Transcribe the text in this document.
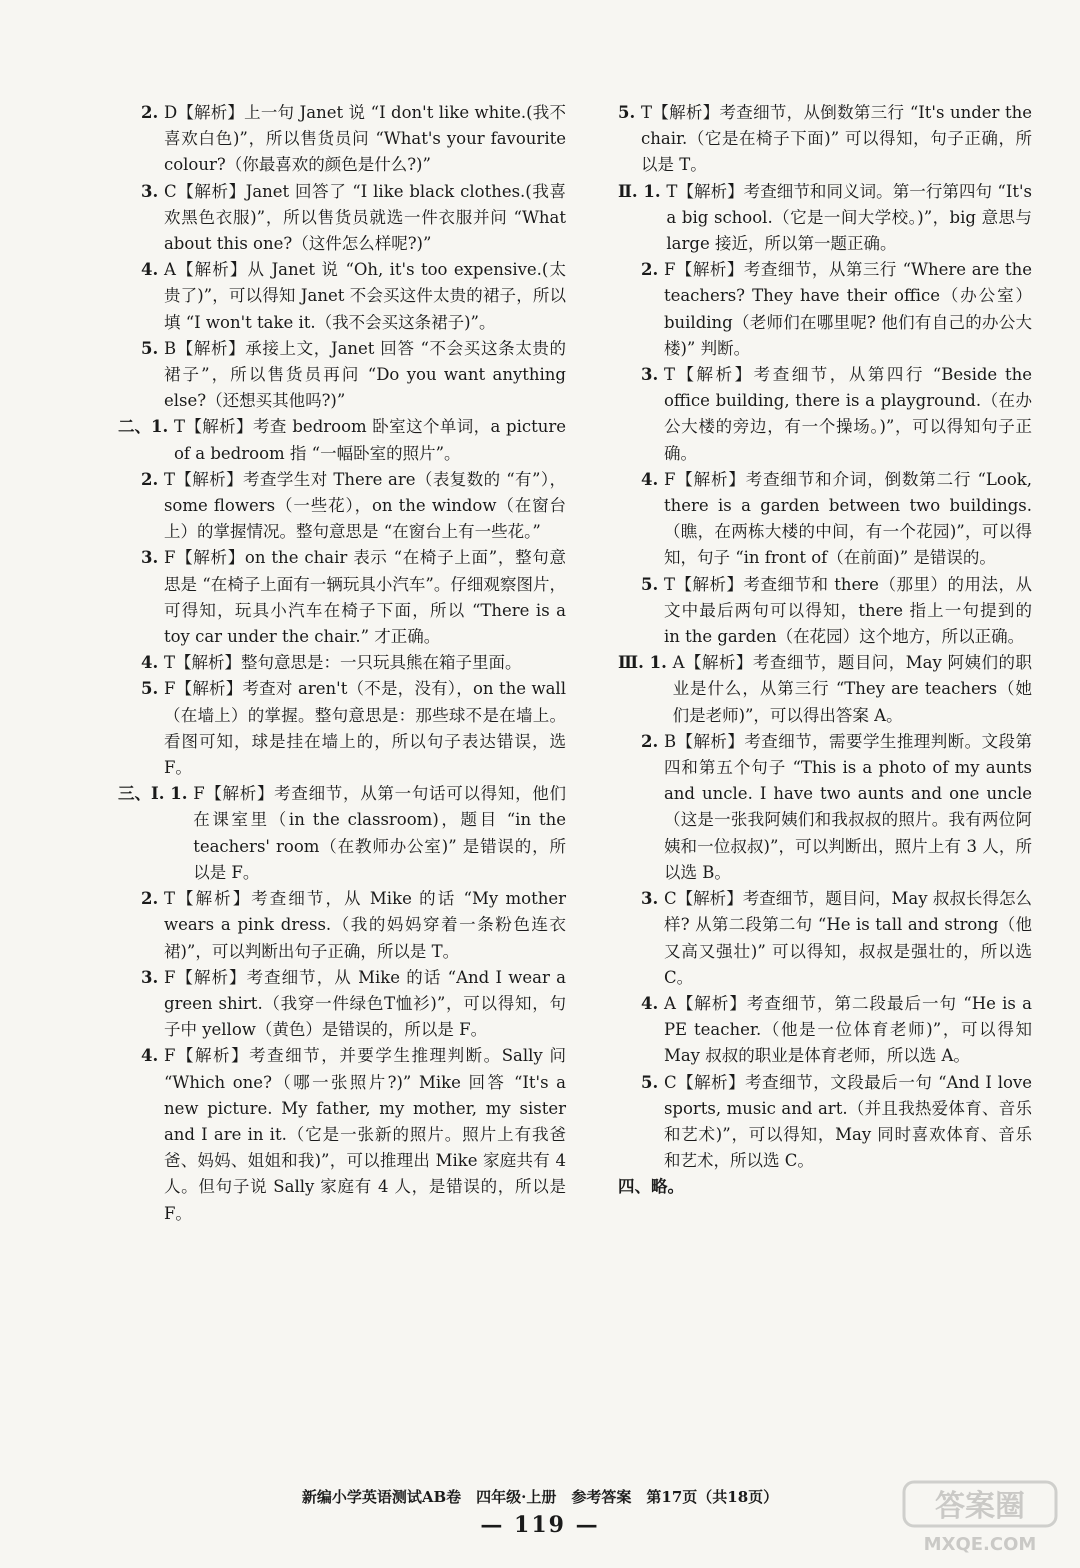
2. D【解析】上一句 Janet 说 “I don't like white.(我不喜欢白色)”，所以售货员问 “What's your favourite colour?（你最喜欢的颜色是什么?)”
3. C【解析】Janet 回答了 “I like black clothes.(我喜欢黑色衣服)”，所以售货员就选一件衣服并问 “What about this one?（这件怎么样呢?)”
4. A【解析】从 Janet 说 “Oh, it's too expensive.(太贵了)”，可以得知 Janet 不会买这件太贵的裙子，所以填 “I won't take it.（我不会买这条裙子)”。
5. B【解析】承接上文，Janet 回答 “不会买这条太贵的裙子”，所以售货员再问 “Do you want anything else?（还想买其他吗?)”
二、1. T【解析】考查 bedroom 卧室这个单词，a picture of a bedroom 指 “一幅卧室的照片”。
2. T【解析】考查学生对 There are（表复数的 “有”），some flowers（一些花），on the window（在窗台上）的掌握情况。整句意思是 “在窗台上有一些花。”
3. F【解析】on the chair 表示 “在椅子上面”，整句意思是 “在椅子上面有一辆玩具小汽车”。仔细观察图片，可得知，玩具小汽车在椅子下面，所以 “There is a toy car under the chair.” 才正确。
4. T【解析】整句意思是：一只玩具熊在箱子里面。
5. F【解析】考查对 aren't（不是，没有），on the wall（在墙上）的掌握。整句意思是：那些球不是在墙上。看图可知，球是挂在墙上的，所以句子表达错误，选 F。
三、Ⅰ. 1. F【解析】考查细节，从第一句话可以得知，他们在课室里（in the classroom)，题目 “in the teachers' room（在教师办公室)” 是错误的，所以是 F。
2. T【解析】考查细节，从 Mike 的话 “My mother wears a pink dress.（我的妈妈穿着一条粉色连衣裙)”，可以判断出句子正确，所以是 T。
3. F【解析】考查细节，从 Mike 的话 “And I wear a green shirt.（我穿一件绿色T恤衫)”，可以得知，句子中 yellow（黄色）是错误的，所以是 F。
4. F【解析】考查细节，并要学生推理判断。Sally 问 “Which one?（哪一张照片?)” Mike 回答 “It's a new picture. My father, my mother, my sister and I are in it.（它是一张新的照片。照片上有我爸爸、妈妈、姐姐和我)”，可以推理出 Mike 家庭共有 4 人。但句子说 Sally 家庭有 4 人，是错误的，所以是 F。
5. T【解析】考查细节，从倒数第三行 “It's under the chair.（它是在椅子下面)” 可以得知，句子正确，所以是 T。
Ⅱ. 1. T【解析】考查细节和同义词。第一行第四句 “It's a big school.（它是一间大学校。)”，big 意思与 large 接近，所以第一题正确。
2. F【解析】考查细节，从第三行 “Where are the teachers? They have their office（办公室）building（老师们在哪里呢? 他们有自己的办公大楼)” 判断。
3. T【解析】考查细节，从第四行 “Beside the office building, there is a playground.（在办公大楼的旁边，有一个操场。)”，可以得知句子正确。
4. F【解析】考查细节和介词，倒数第二行 “Look, there is a garden between two buildings.（瞧，在两栋大楼的中间，有一个花园)”，可以得知，句子 “in front of（在前面)” 是错误的。
5. T【解析】考查细节和 there（那里）的用法，从文中最后两句可以得知，there 指上一句提到的 in the garden（在花园）这个地方，所以正确。
Ⅲ. 1. A【解析】考查细节，题目问，May 阿姨们的职业是什么，从第三行 “They are teachers（她们是老师)”，可以得出答案 A。
2. B【解析】考查细节，需要学生推理判断。文段第四和第五个句子 “This is a photo of my aunts and uncle. I have two aunts and one uncle（这是一张我阿姨们和我叔叔的照片。我有两位阿姨和一位叔叔)”，可以判断出，照片上有 3 人，所以选 B。
3. C【解析】考查细节，题目问，May 叔叔长得怎么样? 从第二段第二句 “He is tall and strong（他又高又强壮)” 可以得知，叔叔是强壮的，所以选 C。
4. A【解析】考查细节，第二段最后一句 “He is a PE teacher.（他是一位体育老师)”，可以得知 May 叔叔的职业是体育老师，所以选 A。
5. C【解析】考查细节，文段最后一句 “And I love sports, music and art.（并且我热爱体育、音乐和艺术)”，可以得知，May 同时喜欢体育、音乐和艺术，所以选 C。
四、略。
新编小学英语测试AB卷　四年级·上册　参考答案　第17页（共18页）
— 119 —
答案圈
MXQE.COM
